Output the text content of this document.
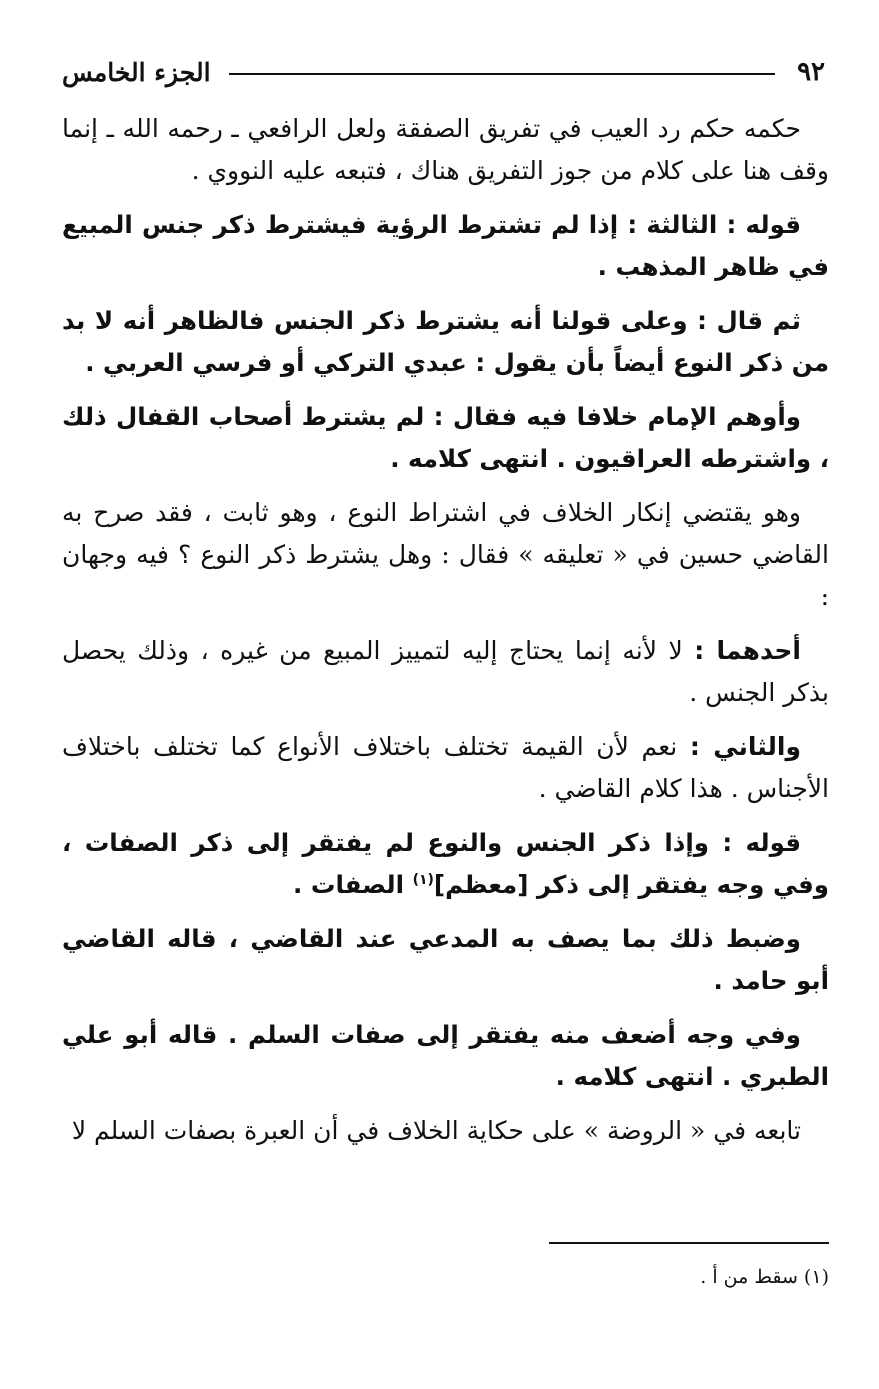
٩٢
الجزء الخامس

حكمه حكم رد العيب في تفريق الصفقة ولعل الرافعي ـ رحمه الله ـ إنما وقف هنا على كلام من جوز التفريق هناك ، فتبعه عليه النووي .

قوله : الثالثة : إذا لم تشترط الرؤية فيشترط ذكر جنس المبيع في ظاهر المذهب .

ثم قال : وعلى قولنا أنه يشترط ذكر الجنس فالظاهر أنه لا بد من ذكر النوع أيضاً بأن يقول : عبدي التركي أو فرسي العربي .

وأوهم الإمام خلافا فيه فقال : لم يشترط أصحاب القفال ذلك ، واشترطه العراقيون . انتهى كلامه .

وهو يقتضي إنكار الخلاف في اشتراط النوع ، وهو ثابت ، فقد صرح به القاضي حسين في « تعليقه » فقال : وهل يشترط ذكر النوع ؟ فيه وجهان :

أحدهما : لا لأنه إنما يحتاج إليه لتمييز المبيع من غيره ، وذلك يحصل بذكر الجنس .

والثاني : نعم لأن القيمة تختلف باختلاف الأنواع كما تختلف باختلاف الأجناس . هذا كلام القاضي .

قوله : وإذا ذكر الجنس والنوع لم يفتقر إلى ذكر الصفات ، وفي وجه يفتقر إلى ذكر [معظم]$^{(١)}$ الصفات .

وضبط ذلك بما يصف به المدعي عند القاضي ، قاله القاضي أبو حامد .

وفي وجه أضعف منه يفتقر إلى صفات السلم . قاله أبو علي الطبري . انتهى كلامه .

تابعه في « الروضة » على حكاية الخلاف في أن العبرة بصفات السلم لا

(١) سقط من أ .
